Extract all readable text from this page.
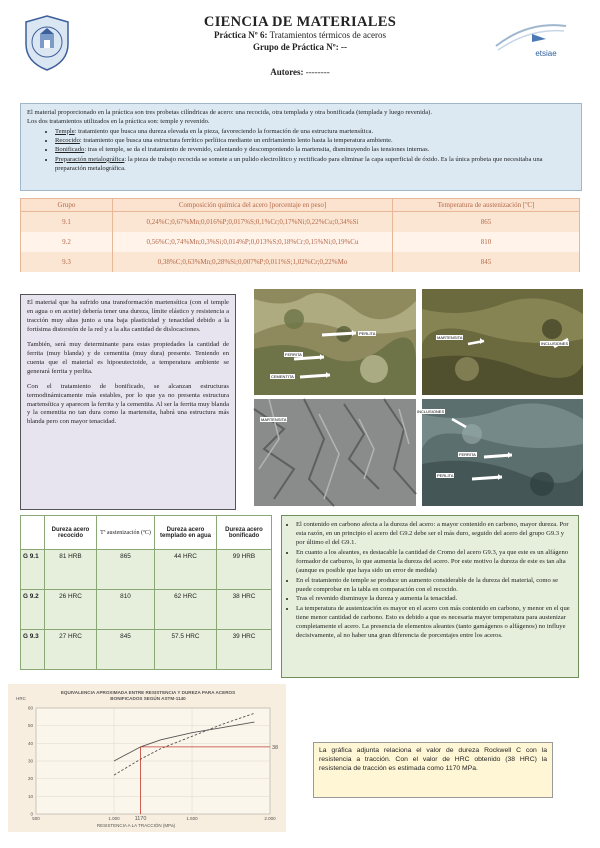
etsiae
CIENCIA DE MATERIALES
Práctica Nº 6: Tratamientos térmicos de aceros
Grupo de Práctica Nº: --
Autores: --------
El material proporcionado en la práctica son tres probetas cilíndricas de acero: una recocida, otra templada y otra bonificada (templada y luego revenida).
Los dos tratamientos utilizados en la práctica son: temple y revenido.
• Temple: tratamiento que busca una dureza elevada en la pieza, favoreciendo la formación de una estructura martensítica.
• Recocido: tratamiento que busca una estructura ferrítico perlítica mediante un enfriamiento lento hasta la temperatura ambiente.
• Bonificado: tras el temple, se da el tratamiento de revenido, calentando y descomponiendo la martensita, disminuyendo las tensiones internas.
• Preparación metalográfica: la pieza de trabajo recocida se somete a un pulido electrolítico y rectificado para eliminar la capa superficial de óxido. Es la única probeta que necesitaba una preparación metalográfica.
Grupo	Composición química del acero [porcentaje en peso]	Temperatura de austenización [ºC]
9.1	0,24%C;0,67%Mn;0,016%P;0,017%S;0,1%Cr;0,17%Ni;0,22%Cu;0,34%Si	865
9.2	0,56%C;0,74%Mn;0,3%Si;0,014%P;0,013%S;0,18%Cr;0,15%Ni;0,19%Cu	810
9.3	0,38%C;0,63%Mn;0,28%Si;0,007%P;0,011%S;1,02%Cr;0,22%Mo	845

El material que ha sufrido una transformación martensítica (con el temple en agua o en aceite) debería tener una dureza, límite elástico y resistencia a tracción muy altas junto a una baja plasticidad y tenacidad debido a la fortísima distorsión de la red y a la alta cantidad de dislocaciones.

También, será muy determinante para estas propiedades la cantidad de ferrita (muy blanda) y de cementita (muy dura) presente. Teniendo en cuenta que el material es hipoeutectoide, a temperatura ambiente se generará ferrita y perlita.

Con el tratamiento de bonificado, se alcanzan estructuras termodinámicamente más estables, por lo que ya no presenta estructura martensítica y aparecen la ferrita y la cementita. Al ser la ferrita muy blanda y la cementita no tan dura como la martensita, habrá una estructura más blanda pero con mayor tenacidad.

PERLITA
FERRITA
CEMENTITA
MARTENSITA
INCLUSIONES
MARTENSITA
INCLUSIONES
FERRITA
PERLITA
	Dureza acero recocido	Tª austenización (ºC)	Dureza acero templado en agua	Dureza acero bonificado
G 9.1	81 HRB	865	44 HRC	99 HRB
G 9.2	26 HRC	810	62 HRC	38 HRC
G 9.3	27 HRC	845	57.5 HRC	39 HRC
• El contenido en carbono afecta a la dureza del acero: a mayor contenido en carbono, mayor dureza. Por esta razón, en un principio el acero del G9.2 debe ser el más duro, seguido del acero del grupo G9.3 y por último el del G9.1.
• En cuanto a los aleantes, es destacable la cantidad de Cromo del acero G9.3, ya que este es un alfágeno formador de carburos, lo que aumenta la dureza del acero. Por este motivo la dureza de este es tan alta (aunque es posible que haya sido un error de medida)
• En el tratamiento de temple se produce un aumento considerable de la dureza del material, como se puede comprobar en la tabla en comparación con el recocido.
• Tras el revenido disminuye la dureza y aumenta la tenacidad.
• La temperatura de austenización es mayor en el acero con más contenido en carbono, y menor en el que tiene menor cantidad de carbono. Esto es debido a que es necesaria mayor temperatura para austenizar completamente el acero. La presencia de elementos aleantes (tanto gamágenos o alfágenos) no influye decisivamente, al no haber una gran diferencia de porcentajes entre los aceros.
EQUIVALENCIA APROXIMADA ENTRE RESISTENCIA Y DUREZA PARA ACEROS
BONIFICADOS SEGÚN ASTM-1140
HRC
RESISTENCIA A LA TRACCIÓN (MPa)
0
10
20
30
40
50
60
500	1.000	1170	1.500	2.000
38	La gráfica adjunta relaciona el valor de dureza Rockwell C con la resistencia a tracción. Con el valor de HRC obtenido (38 HRC) la resistencia de tracción es estimada como 1170 MPa.
